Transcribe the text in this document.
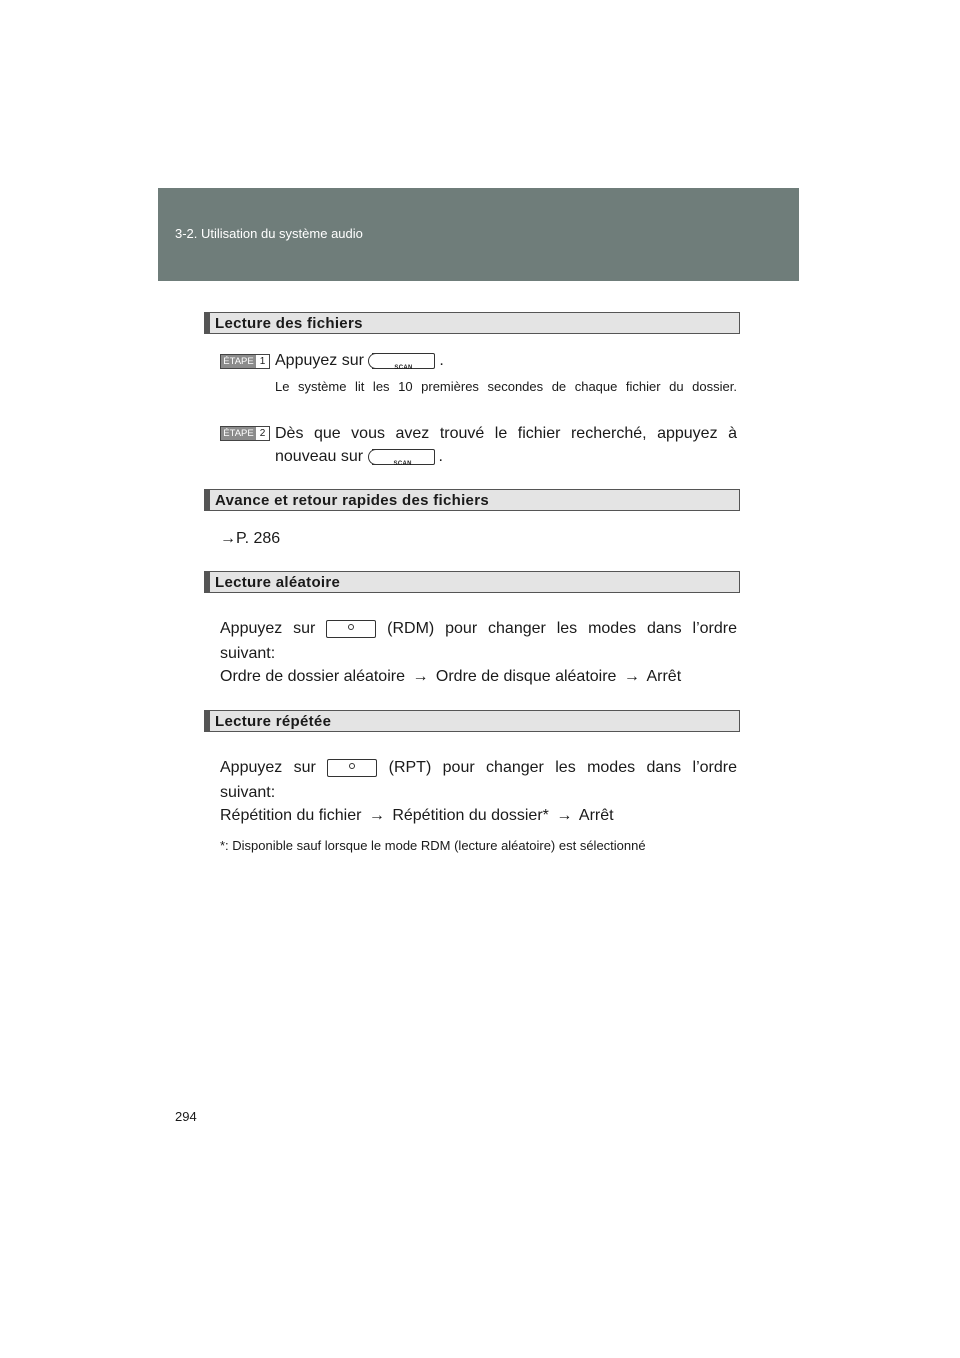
3-2. Utilisation du système audio
Lecture des fichiers
ÉTAPE 1 Appuyez sur	SCAN .
Le système lit les 10 premières secondes de chaque fichier du dossier.
ÉTAPE 2 Dès que vous avez trouvé le fichier recherché, appuyez à
nouveau sur	SCAN .
Avance et retour rapides des fichiers
→P. 286
Lecture aléatoire
Appuyez sur	(RDM) pour changer les modes dans l’ordre
suivant:
Ordre de dossier aléatoire → Ordre de disque aléatoire → Arrêt
Lecture répétée
Appuyez sur	(RPT) pour changer les modes dans l’ordre
suivant:
Répétition du fichier → Répétition du dossier* → Arrêt
*: Disponible sauf lorsque le mode RDM (lecture aléatoire) est sélectionné
294
